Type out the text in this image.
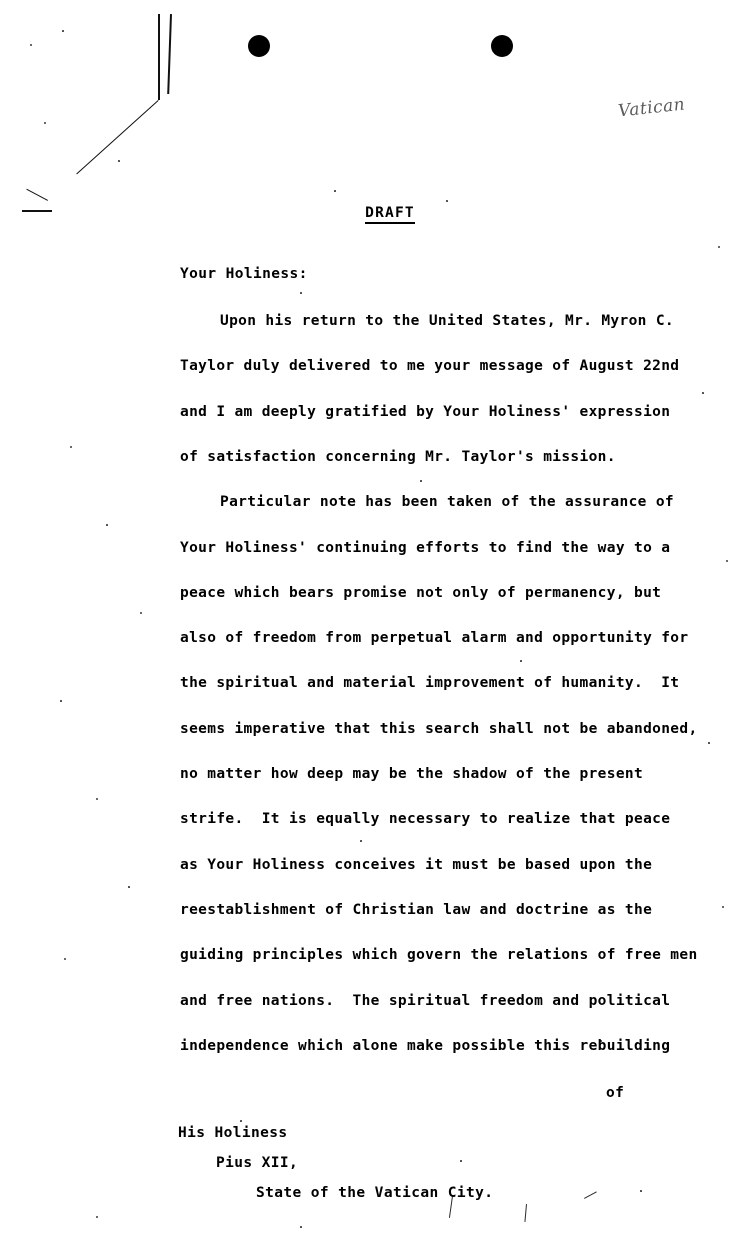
Vatican
DRAFT
Your Holiness:
Upon his return to the United States, Mr. Myron C.
Taylor duly delivered to me your message of August 22nd
and I am deeply gratified by Your Holiness' expression
of satisfaction concerning Mr. Taylor's mission.
Particular note has been taken of the assurance of
Your Holiness' continuing efforts to find the way to a
peace which bears promise not only of permanency, but
also of freedom from perpetual alarm and opportunity for
the spiritual and material improvement of humanity.  It
seems imperative that this search shall not be abandoned,
no matter how deep may be the shadow of the present
strife.  It is equally necessary to realize that peace
as Your Holiness conceives it must be based upon the
reestablishment of Christian law and doctrine as the
guiding principles which govern the relations of free men
and free nations.  The spiritual freedom and political
independence which alone make possible this rebuilding
of
His Holiness
Pius XII,
State of the Vatican City.
